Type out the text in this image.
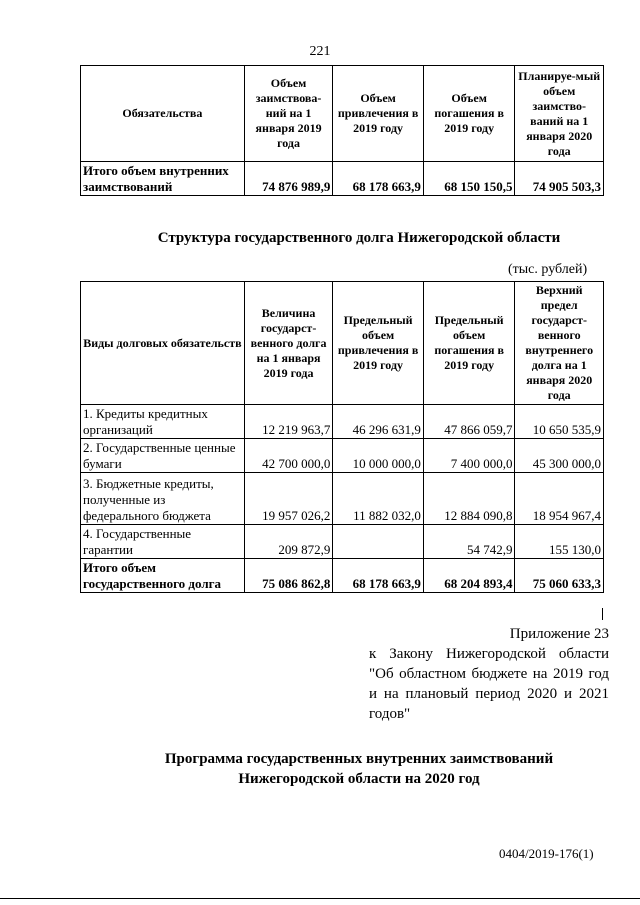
221
Обязательства	Объем заимствова-ний на 1 января 2019 года	Объем привлечения в 2019 году	Объем погашения в 2019 году	Планируе-мый объем заимство-ваний на 1 января 2020 года
Итого объем внутренних заимствований	74 876 989,9	68 178 663,9	68 150 150,5	74 905 503,3
Структура государственного долга Нижегородской области
(тыс. рублей)
Виды долговых обязательств	Величина государст-венного долга на 1 января 2019 года	Предельный объем привлечения в 2019 году	Предельный объем погашения в 2019 году	Верхний предел государст-венного внутреннего долга на 1 января 2020 года
1. Кредиты кредитных организаций	12 219 963,7	46 296 631,9	47 866 059,7	10 650 535,9
2. Государственные ценные бумаги	42 700 000,0	10 000 000,0	7 400 000,0	45 300 000,0
3. Бюджетные кредиты, полученные из федерального бюджета	19 957 026,2	11 882 032,0	12 884 090,8	18 954 967,4
4. Государственные гарантии	209 872,9		54 742,9	155 130,0
Итого объем государственного долга	75 086 862,8	68 178 663,9	68 204 893,4	75 060 633,3
Приложение 23
к Закону Нижегородской области "Об областном бюджете на 2019 год и на плановый период 2020 и 2021 годов"
Программа государственных внутренних заимствований
Нижегородской области на 2020 год
0404/2019-176(1)
